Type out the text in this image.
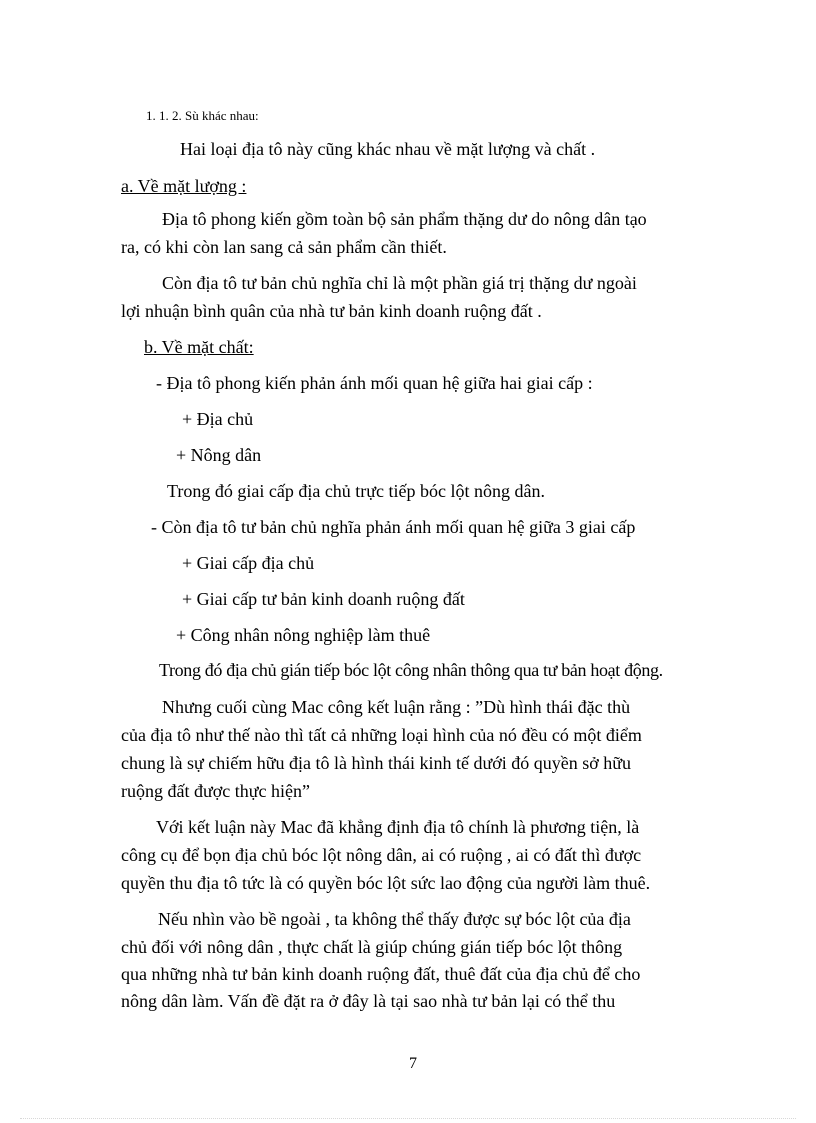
1. 1. 2. Sù khác nhau:
Hai loại địa tô này cũng khác nhau về mặt lượng và chất .
a. Về mặt lượng :
Địa tô phong kiến gồm toàn bộ sản phẩm thặng dư do nông dân tạo
ra, có khi còn lan sang cả sản phẩm cần thiết.
Còn địa tô tư bản chủ nghĩa chỉ là một phần giá trị thặng dư ngoài
lợi nhuận bình quân của nhà tư bản kinh doanh ruộng đất .
b. Về mặt chất:
- Địa tô phong kiến phản ánh mối quan hệ giữa hai giai cấp :
+ Địa chủ
+ Nông dân
Trong đó giai cấp địa chủ trực tiếp bóc lột nông dân.
- Còn địa tô tư bản chủ nghĩa phản ánh mối quan hệ giữa 3 giai cấp
+ Giai cấp địa chủ
+ Giai cấp tư bản kinh doanh ruộng đất
+ Công nhân nông nghiệp làm thuê
Trong đó địa chủ gián tiếp bóc lột công nhân thông qua tư bản hoạt động.
Nhưng cuối cùng Mac công kết luận rằng : ”Dù hình thái đặc thù
của địa tô như thế nào thì tất cả những loại hình của nó đều có một điểm
chung là sự chiếm hữu địa tô là hình thái kinh tế dưới đó quyền sở hữu
ruộng đất được thực hiện”
Với kết luận này Mac đã khẳng định địa tô chính là phương tiện, là
công cụ để bọn địa chủ bóc lột nông dân, ai có ruộng , ai có đất thì được
quyền thu địa tô tức là có quyền bóc lột sức lao động của người làm thuê.
Nếu nhìn vào bề ngoài , ta không thể thấy được sự bóc lột của địa
chủ đối với nông dân , thực chất là giúp chúng gián tiếp bóc lột thông
qua những nhà tư bản kinh doanh ruộng đất, thuê đất của địa chủ để cho
nông dân làm. Vấn đề đặt ra ở đây là tại sao nhà tư bản lại có thể thu
7
